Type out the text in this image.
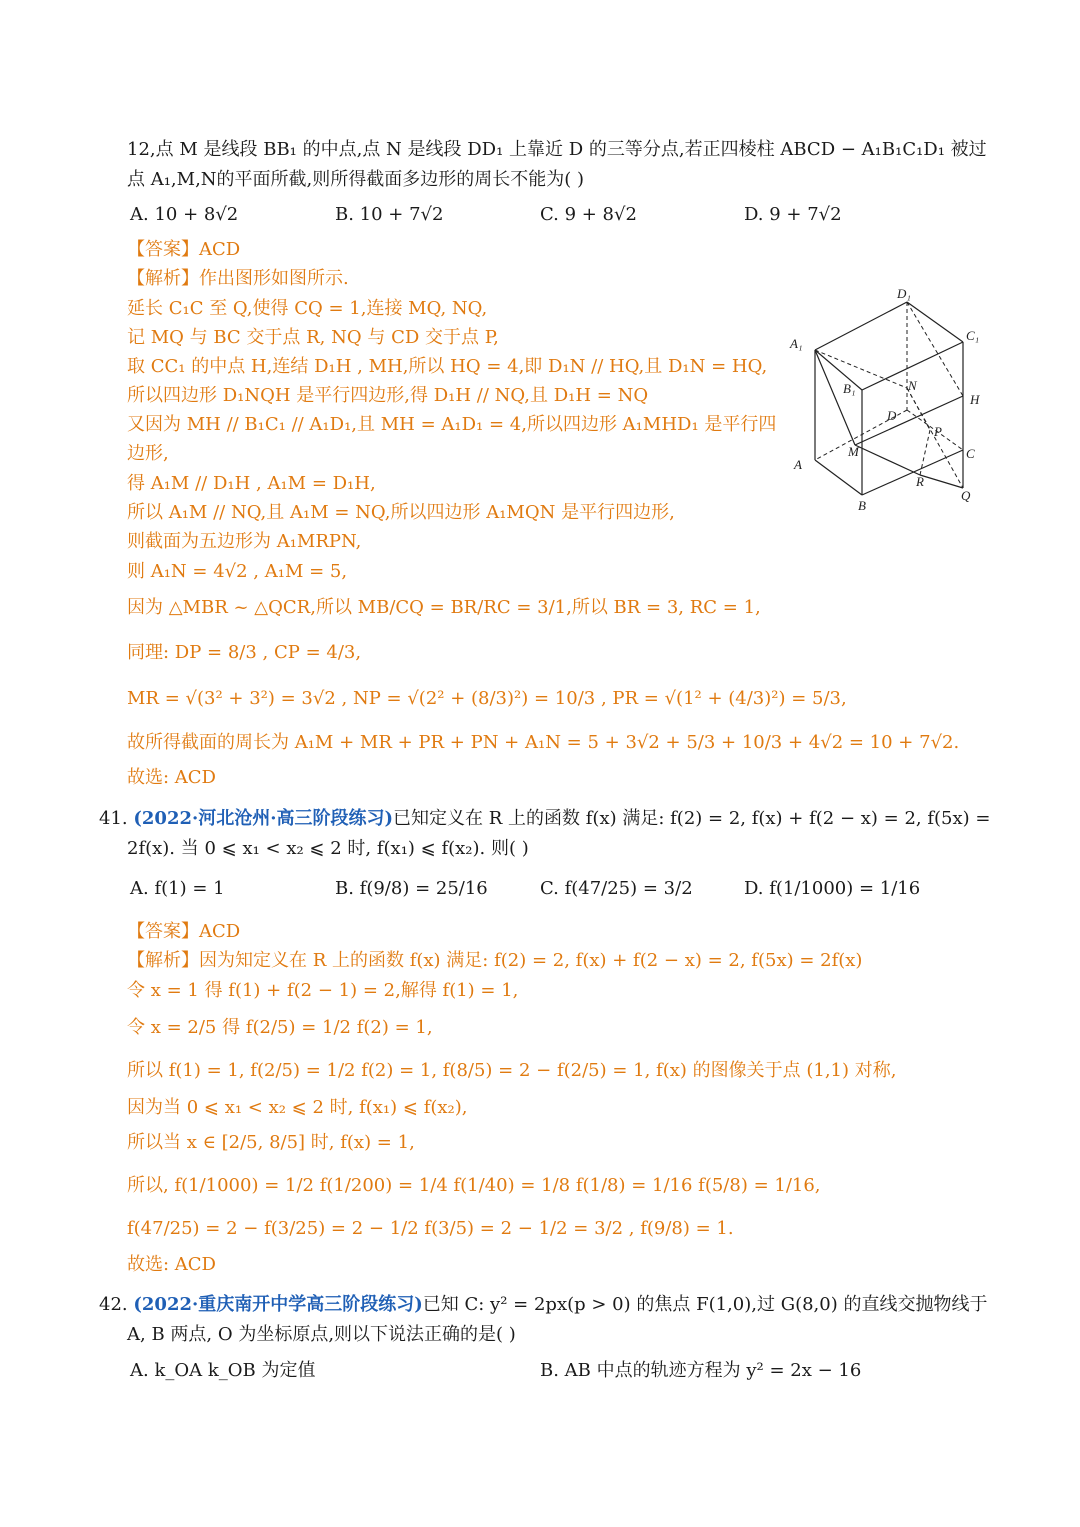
12,点 M 是线段 BB₁ 的中点,点 N 是线段 DD₁ 上靠近 D 的三等分点,若正四棱柱 ABCD − A₁B₁C₁D₁ 被过
点 A₁,M,N的平面所截,则所得截面多边形的周长不能为( )
A. 10 + 8√2	B. 10 + 7√2	C. 9 + 8√2	D. 9 + 7√2
【答案】ACD
【解析】作出图形如图所示.
延长 C₁C 至 Q,使得 CQ = 1,连接 MQ, NQ,
记 MQ 与 BC 交于点 R, NQ 与 CD 交于点 P,
取 CC₁ 的中点 H,连结 D₁H , MH,所以 HQ = 4,即 D₁N // HQ,且 D₁N = HQ,
所以四边形 D₁NQH 是平行四边形,得 D₁H // NQ,且 D₁H = NQ
又因为 MH // B₁C₁ // A₁D₁,且 MH = A₁D₁ = 4,所以四边形 A₁MHD₁ 是平行四
边形,
得 A₁M // D₁H , A₁M = D₁H,
所以 A₁M // NQ,且 A₁M = NQ,所以四边形 A₁MQN 是平行四边形,
则截面为五边形为 A₁MRPN,
则 A₁N = 4√2 , A₁M = 5,
因为 △MBR ~ △QCR,所以 MB/CQ = BR/RC = 3/1,所以 BR = 3, RC = 1,
同理: DP = 8/3 , CP = 4/3,
MR = √(3² + 3²) = 3√2 , NP = √(2² + (8/3)²) = 10/3 , PR = √(1² + (4/3)²) = 5/3,
故所得截面的周长为 A₁M + MR + PR + PN + A₁N = 5 + 3√2 + 5/3 + 10/3 + 4√2 = 10 + 7√2.
故选: ACD
D₁
C₁
A₁
B₁	N
H
D
P
M	C
A
R
B
Q
41. (2022·河北沧州·高三阶段练习)已知定义在 R 上的函数 f(x) 满足: f(2) = 2, f(x) + f(2 − x) = 2, f(5x) =
2f(x). 当 0 ⩽ x₁ < x₂ ⩽ 2 时, f(x₁) ⩽ f(x₂). 则( )
A. f(1) = 1	B. f(9/8) = 25/16	C. f(47/25) = 3/2	D. f(1/1000) = 1/16
【答案】ACD
【解析】因为知定义在 R 上的函数 f(x) 满足: f(2) = 2, f(x) + f(2 − x) = 2, f(5x) = 2f(x)
令 x = 1 得 f(1) + f(2 − 1) = 2,解得 f(1) = 1,
令 x = 2/5 得 f(2/5) = 1/2 f(2) = 1,
所以 f(1) = 1, f(2/5) = 1/2 f(2) = 1, f(8/5) = 2 − f(2/5) = 1, f(x) 的图像关于点 (1,1) 对称,
因为当 0 ⩽ x₁ < x₂ ⩽ 2 时, f(x₁) ⩽ f(x₂),
所以当 x ∈ [2/5, 8/5] 时, f(x) = 1,
所以, f(1/1000) = 1/2 f(1/200) = 1/4 f(1/40) = 1/8 f(1/8) = 1/16 f(5/8) = 1/16,
f(47/25) = 2 − f(3/25) = 2 − 1/2 f(3/5) = 2 − 1/2 = 3/2 , f(9/8) = 1.
故选: ACD
42. (2022·重庆南开中学高三阶段练习)已知 C: y² = 2px(p > 0) 的焦点 F(1,0),过 G(8,0) 的直线交抛物线于
A, B 两点, O 为坐标原点,则以下说法正确的是( )
A. k_OA k_OB 为定值	B. AB 中点的轨迹方程为 y² = 2x − 16
